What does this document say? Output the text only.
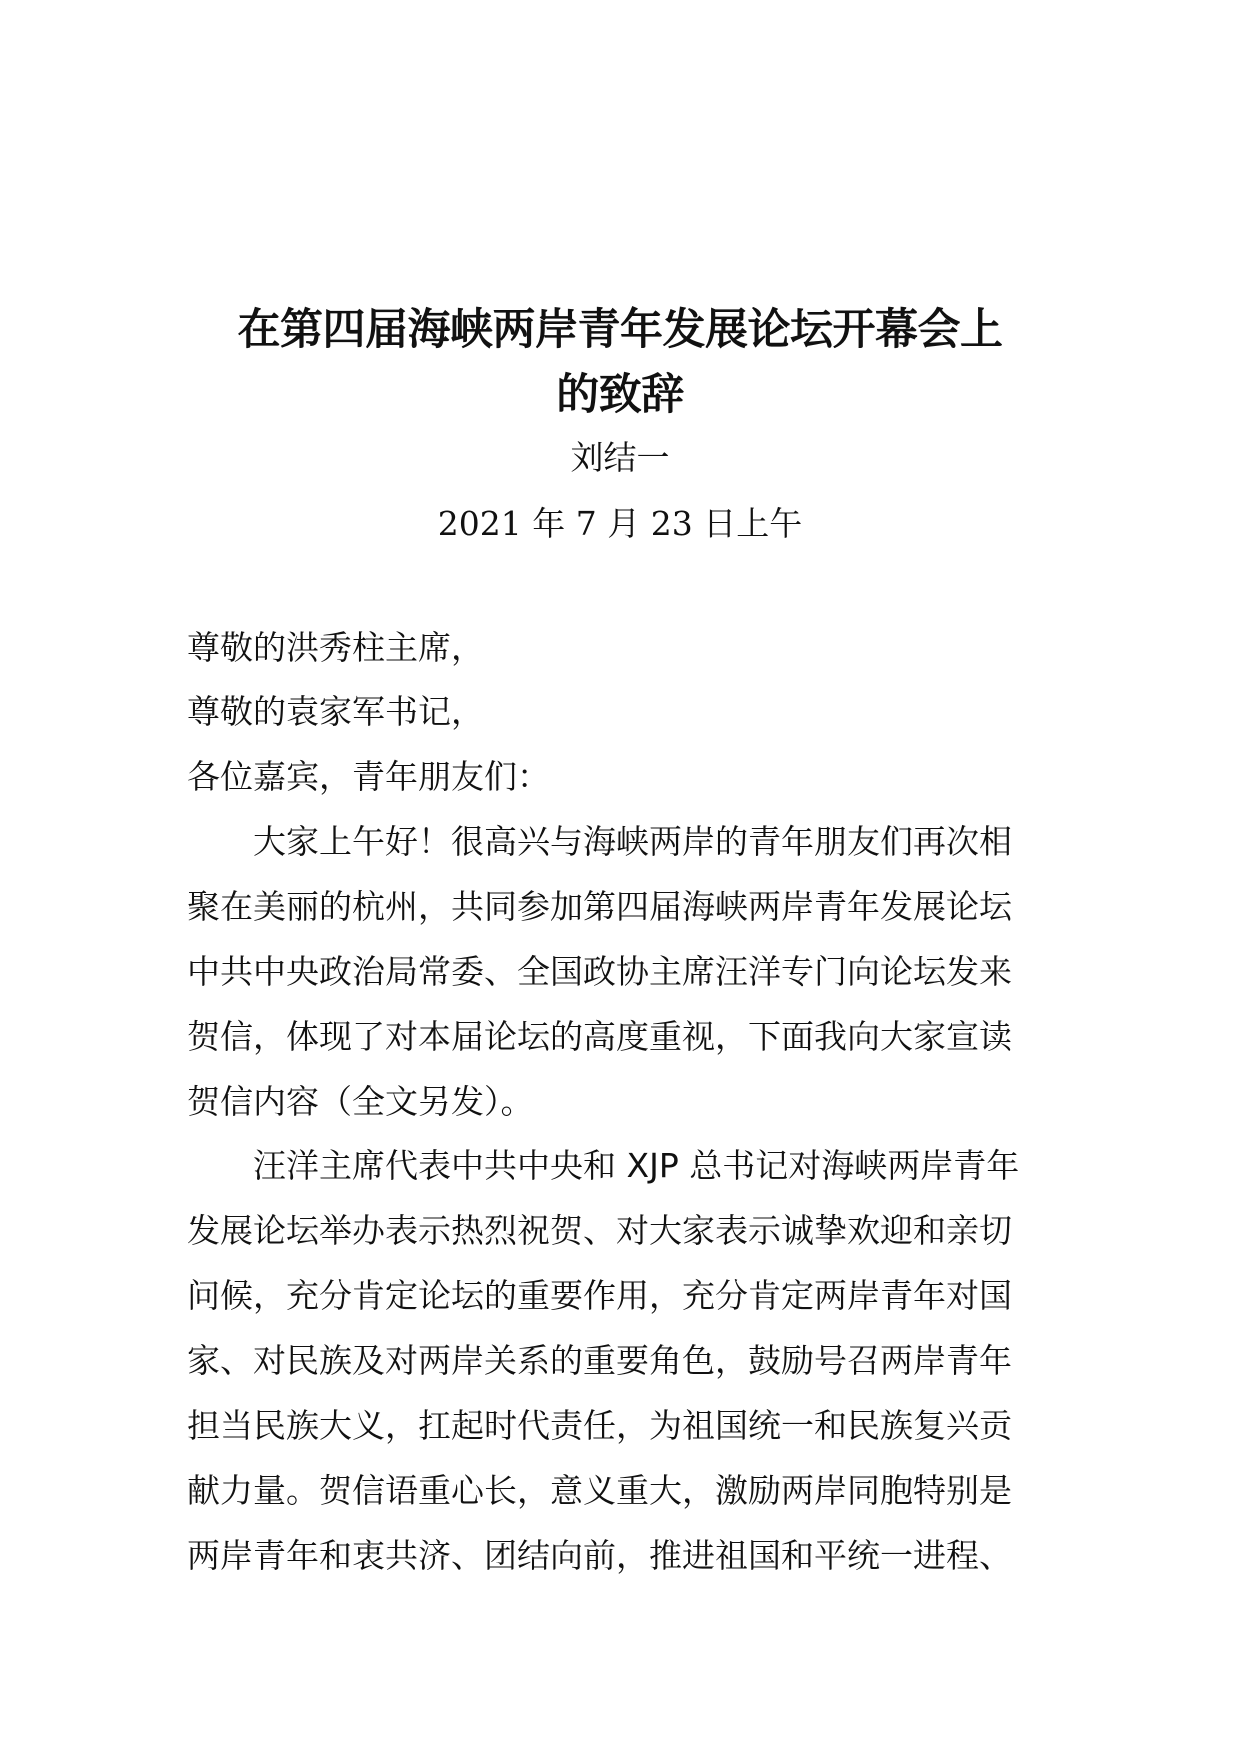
在第四届海峡两岸青年发展论坛开幕会上
的致辞

刘结一

2021 年 7 月 23 日上午

尊敬的洪秀柱主席，

尊敬的袁家军书记，

各位嘉宾，青年朋友们：

大家上午好！很高兴与海峡两岸的青年朋友们再次相

聚在美丽的杭州，共同参加第四届海峡两岸青年发展论坛

中共中央政治局常委、全国政协主席汪洋专门向论坛发来

贺信，体现了对本届论坛的高度重视，下面我向大家宣读

贺信内容（全文另发）。

汪洋主席代表中共中央和 XJP 总书记对海峡两岸青年

发展论坛举办表示热烈祝贺、对大家表示诚挚欢迎和亲切

问候，充分肯定论坛的重要作用，充分肯定两岸青年对国

家、对民族及对两岸关系的重要角色，鼓励号召两岸青年

担当民族大义，扛起时代责任，为祖国统一和民族复兴贡

献力量。贺信语重心长，意义重大，激励两岸同胞特别是

两岸青年和衷共济、团结向前，推进祖国和平统一进程、
